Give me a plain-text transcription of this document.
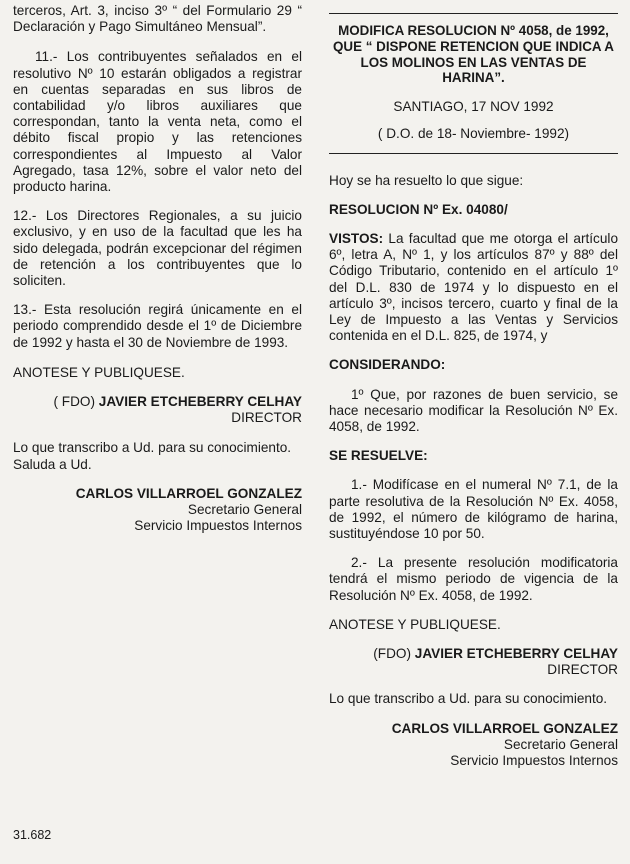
terceros, Art. 3, inciso 3º “ del Formulario 29 “ Declaración y Pago Simultáneo Mensual”.

11.- Los contribuyentes señalados en el resolutivo Nº 10 estarán obligados a registrar en cuentas separadas en sus libros de contabilidad y/o libros auxiliares que correspondan, tanto la venta neta, como el débito fiscal propio y las retenciones correspondientes al Impuesto al Valor Agregado, tasa 12%, sobre el valor neto del producto harina.

12.- Los Directores Regionales, a su juicio exclusivo, y en uso de la facultad que les ha sido delegada, podrán excepcionar del régimen de retención a los contribuyentes que lo soliciten.

13.- Esta resolución regirá únicamente en el periodo comprendido desde el 1º de Diciembre de 1992 y hasta el 30 de Noviembre de 1993.

ANOTESE Y PUBLIQUESE.

( FDO) JAVIER ETCHEBERRY CELHAY

DIRECTOR

Lo que transcribo a Ud. para su conocimiento. Saluda a Ud.

CARLOS VILLARROEL GONZALEZ

Secretario General

Servicio Impuestos Internos

MODIFICA RESOLUCION Nº 4058, de 1992, QUE “ DISPONE RETENCION QUE INDICA A LOS MOLINOS EN LAS VENTAS DE HARINA”.

SANTIAGO, 17 NOV 1992

( D.O. de 18- Noviembre- 1992)

Hoy se ha resuelto lo que sigue:

RESOLUCION Nº Ex. 04080/

VISTOS: La facultad que me otorga el artículo 6º, letra A, Nº 1, y los artículos 87º y 88º del Código Tributario, contenido en el artículo 1º del D.L. 830 de 1974 y lo dispuesto en el artículo 3º, incisos tercero, cuarto y final de la Ley de Impuesto a las Ventas y Servicios contenida en el D.L. 825, de 1974, y

CONSIDERANDO:

1º Que, por razones de buen servicio, se hace necesario modificar la Resolución Nº Ex. 4058, de 1992.

SE RESUELVE:

1.- Modifícase en el numeral Nº 7.1, de la parte resolutiva de la Resolución Nº Ex. 4058, de 1992, el número de kilógramo de harina, sustituyéndose 10 por 50.

2.- La presente resolución modificatoria tendrá el mismo periodo de vigencia de la Resolución Nº Ex. 4058, de 1992.

ANOTESE Y PUBLIQUESE.

(FDO) JAVIER ETCHEBERRY CELHAY

DIRECTOR

Lo que transcribo a Ud. para su conocimiento.

CARLOS VILLARROEL GONZALEZ

Secretario General

Servicio Impuestos Internos

31.682
